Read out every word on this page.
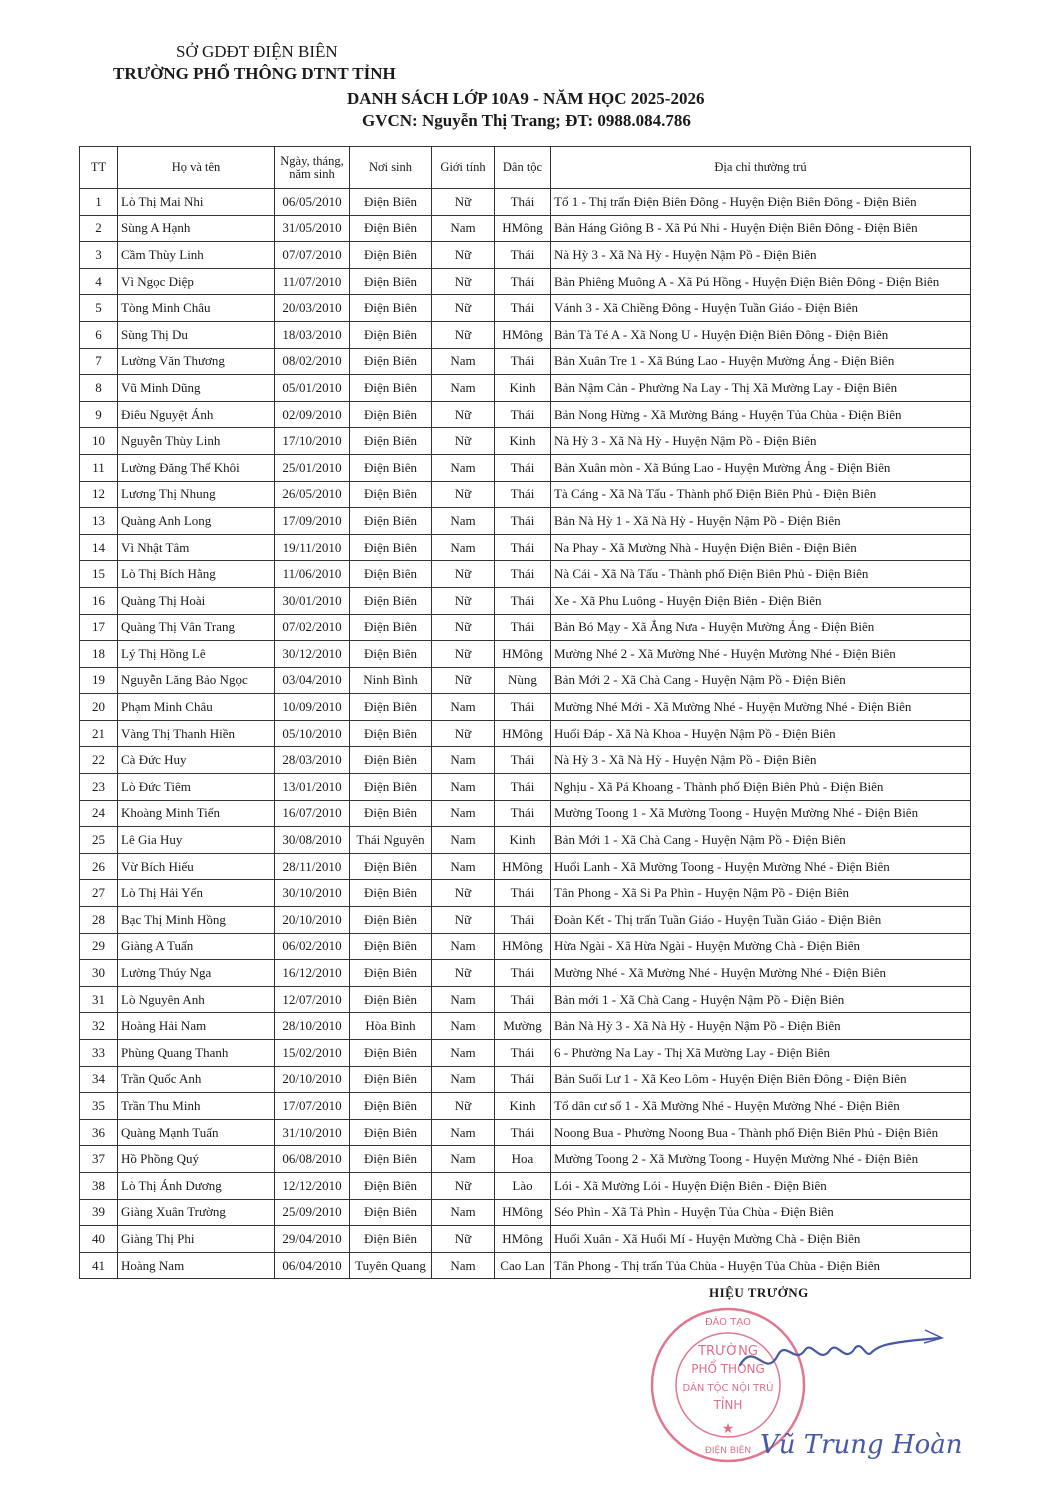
SỞ GDĐT ĐIỆN BIÊN
TRƯỜNG PHỔ THÔNG DTNT TỈNH
DANH SÁCH LỚP 10A9 - NĂM HỌC 2025-2026
GVCN: Nguyễn Thị Trang; ĐT: 0988.084.786
TT	Họ và tên	Ngày, tháng, năm sinh	Nơi sinh	Giới tính	Dân tộc	Địa chỉ thường trú
1	Lò Thị Mai Nhi	06/05/2010	Điện Biên	Nữ	Thái	Tổ 1 - Thị trấn Điện Biên Đông - Huyện Điện Biên Đông - Điện Biên
2	Sùng A Hạnh	31/05/2010	Điện Biên	Nam	HMông	Bản Háng Giông B - Xã Pú Nhi - Huyện Điện Biên Đông - Điện Biên
3	Cầm Thùy Linh	07/07/2010	Điện Biên	Nữ	Thái	Nà Hỳ 3 - Xã Nà Hỳ - Huyện Nậm Pồ - Điện Biên
4	Vì Ngọc Diệp	11/07/2010	Điện Biên	Nữ	Thái	Bản Phiêng Muông A - Xã Pú Hồng - Huyện Điện Biên Đông - Điện Biên
5	Tòng Minh Châu	20/03/2010	Điện Biên	Nữ	Thái	Vánh 3 - Xã Chiềng Đông - Huyện Tuần Giáo - Điện Biên
6	Sùng Thị Du	18/03/2010	Điện Biên	Nữ	HMông	Bản Tà Té A - Xã Nong U - Huyện Điện Biên Đông - Điện Biên
7	Lường Văn Thương	08/02/2010	Điện Biên	Nam	Thái	Bản Xuân Tre 1 - Xã Búng Lao - Huyện Mường Ảng - Điện Biên
8	Vũ Minh Dũng	05/01/2010	Điện Biên	Nam	Kinh	Bản Nậm Cản - Phường Na Lay - Thị Xã Mường Lay - Điện Biên
9	Điêu Nguyệt Ánh	02/09/2010	Điện Biên	Nữ	Thái	Bản Nong Hừng - Xã Mường Báng - Huyện Tủa Chùa - Điện Biên
10	Nguyễn Thùy Linh	17/10/2010	Điện Biên	Nữ	Kinh	Nà Hỳ 3 - Xã Nà Hỳ - Huyện Nậm Pồ - Điện Biên
11	Lường Đăng Thế Khôi	25/01/2010	Điện Biên	Nam	Thái	Bản Xuân mòn - Xã Búng Lao - Huyện Mường Ảng - Điện Biên
12	Lương Thị Nhung	26/05/2010	Điện Biên	Nữ	Thái	Tà Cáng - Xã Nà Tấu - Thành phố Điện Biên Phủ - Điện Biên
13	Quàng Anh Long	17/09/2010	Điện Biên	Nam	Thái	Bản Nà Hỳ 1 - Xã Nà Hỳ - Huyện Nậm Pồ - Điện Biên
14	Vì Nhật Tâm	19/11/2010	Điện Biên	Nam	Thái	Na Phay - Xã Mường Nhà - Huyện Điện Biên - Điện Biên
15	Lò Thị Bích Hằng	11/06/2010	Điện Biên	Nữ	Thái	Nà Cái - Xã Nà Tấu - Thành phố Điện Biên Phủ - Điện Biên
16	Quàng Thị Hoài	30/01/2010	Điện Biên	Nữ	Thái	Xe - Xã Phu Luông - Huyện Điện Biên - Điện Biên
17	Quàng Thị Vân Trang	07/02/2010	Điện Biên	Nữ	Thái	Bản Bó Mạy - Xã Ẳng Nưa - Huyện Mường Ảng - Điện Biên
18	Lý Thị Hồng Lê	30/12/2010	Điện Biên	Nữ	HMông	Mường Nhé 2 - Xã Mường Nhé - Huyện Mường Nhé - Điện Biên
19	Nguyễn Lăng Bảo Ngọc	03/04/2010	Ninh Bình	Nữ	Nùng	Bản Mới 2 - Xã Chà Cang - Huyện Nậm Pồ - Điện Biên
20	Phạm Minh Châu	10/09/2010	Điện Biên	Nam	Thái	Mường Nhé Mới - Xã Mường Nhé - Huyện Mường Nhé - Điện Biên
21	Vàng Thị Thanh Hiền	05/10/2010	Điện Biên	Nữ	HMông	Huổi Đáp - Xã Nà Khoa - Huyện Nậm Pồ - Điện Biên
22	Cà Đức Huy	28/03/2010	Điện Biên	Nam	Thái	Nà Hỳ 3 - Xã Nà Hỳ - Huyện Nậm Pồ - Điện Biên
23	Lò Đức Tiêm	13/01/2010	Điện Biên	Nam	Thái	Nghịu - Xã Pá Khoang - Thành phố Điện Biên Phủ - Điện Biên
24	Khoàng Minh Tiến	16/07/2010	Điện Biên	Nam	Thái	Mường Toong 1 - Xã Mường Toong - Huyện Mường Nhé - Điện Biên
25	Lê Gia Huy	30/08/2010	Thái Nguyên	Nam	Kinh	Bản Mới 1 - Xã Chà Cang - Huyện Nậm Pồ - Điện Biên
26	Vừ Bích Hiếu	28/11/2010	Điện Biên	Nam	HMông	Huổi Lanh - Xã Mường Toong - Huyện Mường Nhé - Điện Biên
27	Lò Thị Hải Yến	30/10/2010	Điện Biên	Nữ	Thái	Tân Phong - Xã Si Pa Phìn - Huyện Nậm Pồ - Điện Biên
28	Bạc Thị Minh Hồng	20/10/2010	Điện Biên	Nữ	Thái	Đoàn Kết - Thị trấn Tuần Giáo - Huyện Tuần Giáo - Điện Biên
29	Giàng A Tuấn	06/02/2010	Điện Biên	Nam	HMông	Hừa Ngài - Xã Hừa Ngài - Huyện Mường Chà - Điện Biên
30	Lường Thúy Nga	16/12/2010	Điện Biên	Nữ	Thái	Mường Nhé - Xã Mường Nhé - Huyện Mường Nhé - Điện Biên
31	Lò Nguyên Anh	12/07/2010	Điện Biên	Nam	Thái	Bản mới 1 - Xã Chà Cang - Huyện Nậm Pồ - Điện Biên
32	Hoàng Hải Nam	28/10/2010	Hòa Bình	Nam	Mường	Bản Nà Hỳ 3 - Xã Nà Hỳ - Huyện Nậm Pồ - Điện Biên
33	Phùng Quang Thanh	15/02/2010	Điện Biên	Nam	Thái	6 - Phường Na Lay - Thị Xã Mường Lay - Điện Biên
34	Trần Quốc Anh	20/10/2010	Điện Biên	Nam	Thái	Bản Suối Lư 1 - Xã Keo Lôm - Huyện Điện Biên Đông - Điện Biên
35	Trần Thu Minh	17/07/2010	Điện Biên	Nữ	Kinh	Tổ dân cư số 1 - Xã Mường Nhé - Huyện Mường Nhé - Điện Biên
36	Quàng Mạnh Tuấn	31/10/2010	Điện Biên	Nam	Thái	Noong Bua - Phường Noong Bua - Thành phố Điện Biên Phủ - Điện Biên
37	Hồ Phồng Quý	06/08/2010	Điện Biên	Nam	Hoa	Mường Toong 2 - Xã Mường Toong - Huyện Mường Nhé - Điện Biên
38	Lò Thị Ánh Dương	12/12/2010	Điện Biên	Nữ	Lào	Lói - Xã Mường Lói - Huyện Điện Biên - Điện Biên
39	Giàng Xuân Trường	25/09/2010	Điện Biên	Nam	HMông	Séo Phìn - Xã Tả Phìn - Huyện Tủa Chùa - Điện Biên
40	Giàng Thị Phi	29/04/2010	Điện Biên	Nữ	HMông	Huổi Xuân - Xã Huổi Mí - Huyện Mường Chà - Điện Biên
41	Hoàng Nam	06/04/2010	Tuyên Quang	Nam	Cao Lan	Tân Phong - Thị trấn Tủa Chùa - Huyện Tủa Chùa - Điện Biên
HIỆU TRƯỞNG
ĐÀO TẠO
TRƯỜNG
PHỔ THÔNG
DÂN TỘC NỘI TRÚ
TỈNH
ĐIỆN BIÊN
★
Vũ Trung Hoàn
